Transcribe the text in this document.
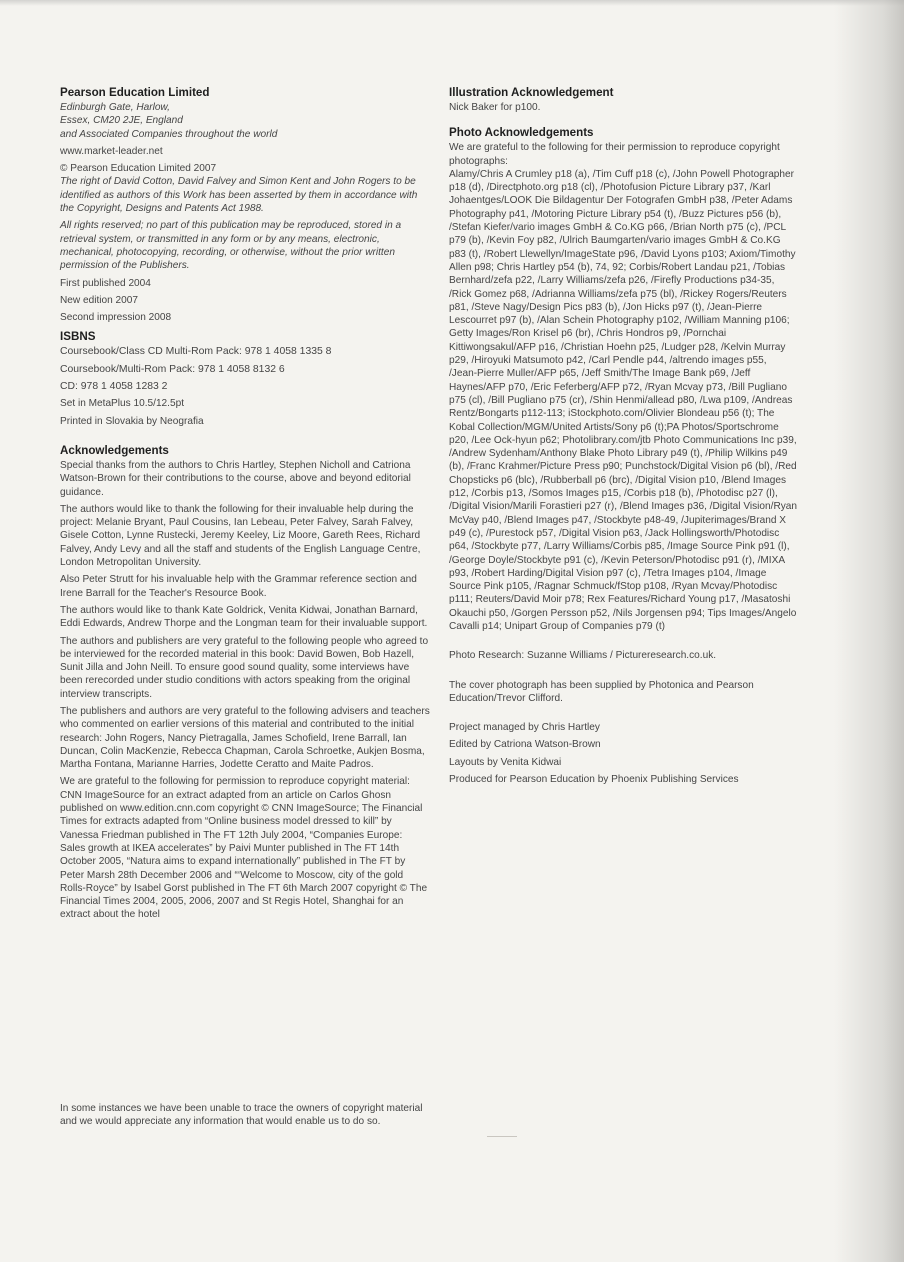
Pearson Education Limited

Edinburgh Gate, Harlow,

Essex, CM20 2JE, England

and Associated Companies throughout the world

www.market-leader.net

© Pearson Education Limited 2007

The right of David Cotton, David Falvey and Simon Kent and John Rogers to be identified as authors of this Work has been asserted by them in accordance with the Copyright, Designs and Patents Act 1988.

All rights reserved; no part of this publication may be reproduced, stored in a retrieval system, or transmitted in any form or by any means, electronic, mechanical, photocopying, recording, or otherwise, without the prior written permission of the Publishers.

First published 2004

New edition 2007

Second impression 2008

ISBNS

Coursebook/Class CD Multi-Rom Pack: 978 1 4058 1335 8

Coursebook/Multi-Rom Pack: 978 1 4058 8132 6

CD: 978 1 4058 1283 2

Set in MetaPlus 10.5/12.5pt

Printed in Slovakia by Neografia

Acknowledgements

Special thanks from the authors to Chris Hartley, Stephen Nicholl and Catriona Watson-Brown for their contributions to the course, above and beyond editorial guidance.

The authors would like to thank the following for their invaluable help during the project: Melanie Bryant, Paul Cousins, Ian Lebeau, Peter Falvey, Sarah Falvey, Gisele Cotton, Lynne Rustecki, Jeremy Keeley, Liz Moore, Gareth Rees, Richard Falvey, Andy Levy and all the staff and students of the English Language Centre, London Metropolitan University.

Also Peter Strutt for his invaluable help with the Grammar reference section and Irene Barrall for the Teacher's Resource Book.

The authors would like to thank Kate Goldrick, Venita Kidwai, Jonathan Barnard, Eddi Edwards, Andrew Thorpe and the Longman team for their invaluable support.

The authors and publishers are very grateful to the following people who agreed to be interviewed for the recorded material in this book: David Bowen, Bob Hazell, Sunit Jilla and John Neill. To ensure good sound quality, some interviews have been rerecorded under studio conditions with actors speaking from the original interview transcripts.

The publishers and authors are very grateful to the following advisers and teachers who commented on earlier versions of this material and contributed to the initial research: John Rogers, Nancy Pietragalla, James Schofield, Irene Barrall, Ian Duncan, Colin MacKenzie, Rebecca Chapman, Carola Schroetke, Aukjen Bosma, Martha Fontana, Marianne Harries, Jodette Ceratto and Maite Padros.

We are grateful to the following for permission to reproduce copyright material:

CNN ImageSource for an extract adapted from an article on Carlos Ghosn published on www.edition.cnn.com copyright © CNN ImageSource; The Financial Times for extracts adapted from “Online business model dressed to kill” by Vanessa Friedman published in The FT 12th July 2004, “Companies Europe: Sales growth at IKEA accelerates” by Paivi Munter published in The FT 14th October 2005, “Natura aims to expand internationally” published in The FT by Peter Marsh 28th December 2006 and “‘Welcome to Moscow, city of the gold Rolls-Royce” by Isabel Gorst published in The FT 6th March 2007 copyright © The Financial Times 2004, 2005, 2006, 2007 and St Regis Hotel, Shanghai for an extract about the hotel

In some instances we have been unable to trace the owners of copyright material and we would appreciate any information that would enable us to do so.
Illustration Acknowledgement

Nick Baker for p100.

Photo Acknowledgements

We are grateful to the following for their permission to reproduce copyright photographs:

Alamy/Chris A Crumley p18 (a), /Tim Cuff p18 (c), /John Powell Photographer p18 (d), /Directphoto.org p18 (cl), /Photofusion Picture Library p37, /Karl Johaentges/LOOK Die Bildagentur Der Fotografen GmbH p38, /Peter Adams Photography p41, /Motoring Picture Library p54 (t), /Buzz Pictures p56 (b), /Stefan Kiefer/vario images GmbH & Co.KG p66, /Brian North p75 (c), /PCL p79 (b), /Kevin Foy p82, /Ulrich Baumgarten/vario images GmbH & Co.KG p83 (t), /Robert Llewellyn/ImageState p96, /David Lyons p103; Axiom/Timothy Allen p98; Chris Hartley p54 (b), 74, 92; Corbis/Robert Landau p21, /Tobias Bernhard/zefa p22, /Larry Williams/zefa p26, /Firefly Productions p34-35, /Rick Gomez p68, /Adrianna Williams/zefa p75 (bl), /Rickey Rogers/Reuters p81, /Steve Nagy/Design Pics p83 (b), /Jon Hicks p97 (t), /Jean-Pierre Lescourret p97 (b), /Alan Schein Photography p102, /William Manning p106; Getty Images/Ron Krisel p6 (br), /Chris Hondros p9, /Pornchai Kittiwongsakul/AFP p16, /Christian Hoehn p25, /Ludger p28, /Kelvin Murray p29, /Hiroyuki Matsumoto p42, /Carl Pendle p44, /altrendo images p55, /Jean-Pierre Muller/AFP p65, /Jeff Smith/The Image Bank p69, /Jeff Haynes/AFP p70, /Eric Feferberg/AFP p72, /Ryan Mcvay p73, /Bill Pugliano p75 (cl), /Bill Pugliano p75 (cr), /Shin Henmi/allead p80, /Lwa p109, /Andreas Rentz/Bongarts p112-113; iStockphoto.com/Olivier Blondeau p56 (t); The Kobal Collection/MGM/United Artists/Sony p6 (t);PA Photos/Sportschrome p20, /Lee Ock-hyun p62; Photolibrary.com/jtb Photo Communications Inc p39, /Andrew Sydenham/Anthony Blake Photo Library p49 (t), /Philip Wilkins p49 (b), /Franc Krahmer/Picture Press p90; Punchstock/Digital Vision p6 (bl), /Red Chopsticks p6 (blc), /Rubberball p6 (brc), /Digital Vision p10, /Blend Images p12, /Corbis p13, /Somos Images p15, /Corbis p18 (b), /Photodisc p27 (l), /Digital Vision/Marili Forastieri p27 (r), /Blend Images p36, /Digital Vision/Ryan McVay p40, /Blend Images p47, /Stockbyte p48-49, /Jupiterimages/Brand X p49 (c), /Purestock p57, /Digital Vision p63, /Jack Hollingsworth/Photodisc p64, /Stockbyte p77, /Larry Williams/Corbis p85, /Image Source Pink p91 (l), /George Doyle/Stockbyte p91 (c), /Kevin Peterson/Photodisc p91 (r), /MIXA p93, /Robert Harding/Digital Vision p97 (c), /Tetra Images p104, /Image Source Pink p105, /Ragnar Schmuck/fStop p108, /Ryan Mcvay/Photodisc p111; Reuters/David Moir p78; Rex Features/Richard Young p17, /Masatoshi Okauchi p50, /Gorgen Persson p52, /Nils Jorgensen p94; Tips Images/Angelo Cavalli p14; Unipart Group of Companies p79 (t)

Photo Research: Suzanne Williams / Pictureresearch.co.uk.

The cover photograph has been supplied by Photonica and Pearson Education/Trevor Clifford.

Project managed by Chris Hartley

Edited by Catriona Watson-Brown

Layouts by Venita Kidwai

Produced for Pearson Education by Phoenix Publishing Services
